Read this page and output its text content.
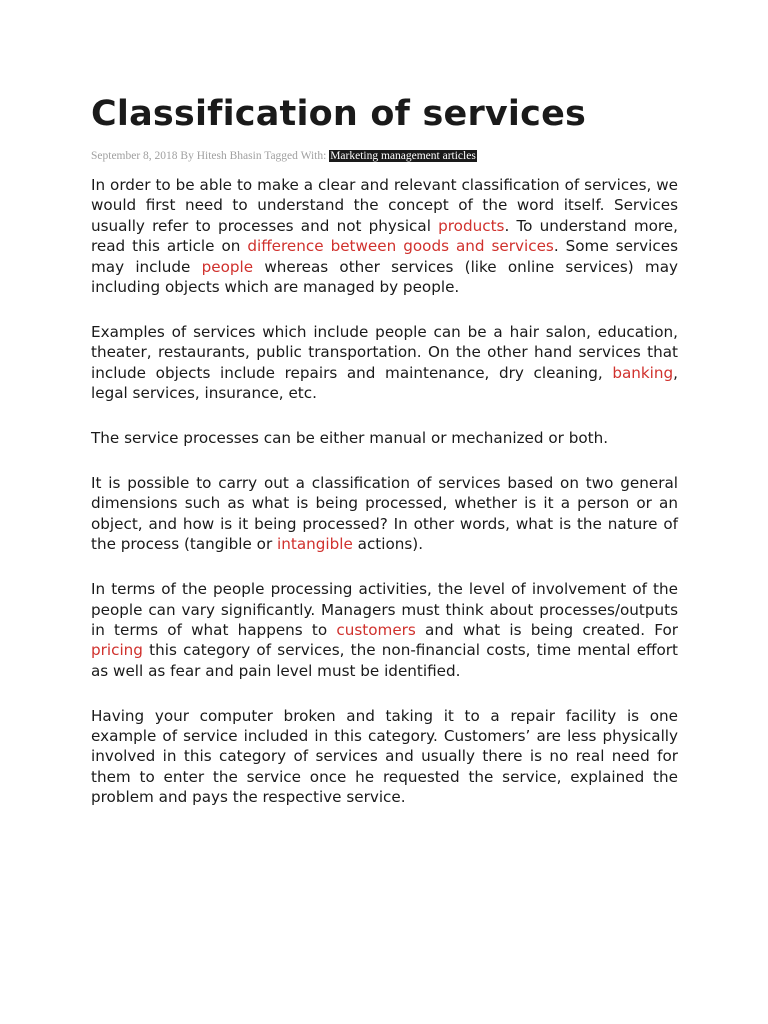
Classification of services
September 8, 2018 By Hitesh Bhasin Tagged With: Marketing management articles

In order to be able to make a clear and relevant classification of services, we would first need to understand the concept of the word itself. Services usually refer to processes and not physical products. To understand more, read this article on difference between goods and services. Some services may include people whereas other services (like online services) may including objects which are managed by people.

Examples of services which include people can be a hair salon, education, theater, restaurants, public transportation. On the other hand services that include objects include repairs and maintenance, dry cleaning, banking, legal services, insurance, etc.

The service processes can be either manual or mechanized or both.

It is possible to carry out a classification of services based on two general dimensions such as what is being processed, whether is it a person or an object, and how is it being processed? In other words, what is the nature of the process (tangible or intangible actions).

In terms of the people processing activities, the level of involvement of the people can vary significantly. Managers must think about processes/outputs in terms of what happens to customers and what is being created. For pricing this category of services, the non-financial costs, time mental effort as well as fear and pain level must be identified.

Having your computer broken and taking it to a repair facility is one example of service included in this category. Customers’ are less physically involved in this category of services and usually there is no real need for them to enter the service once he requested the service, explained the problem and pays the respective service.
